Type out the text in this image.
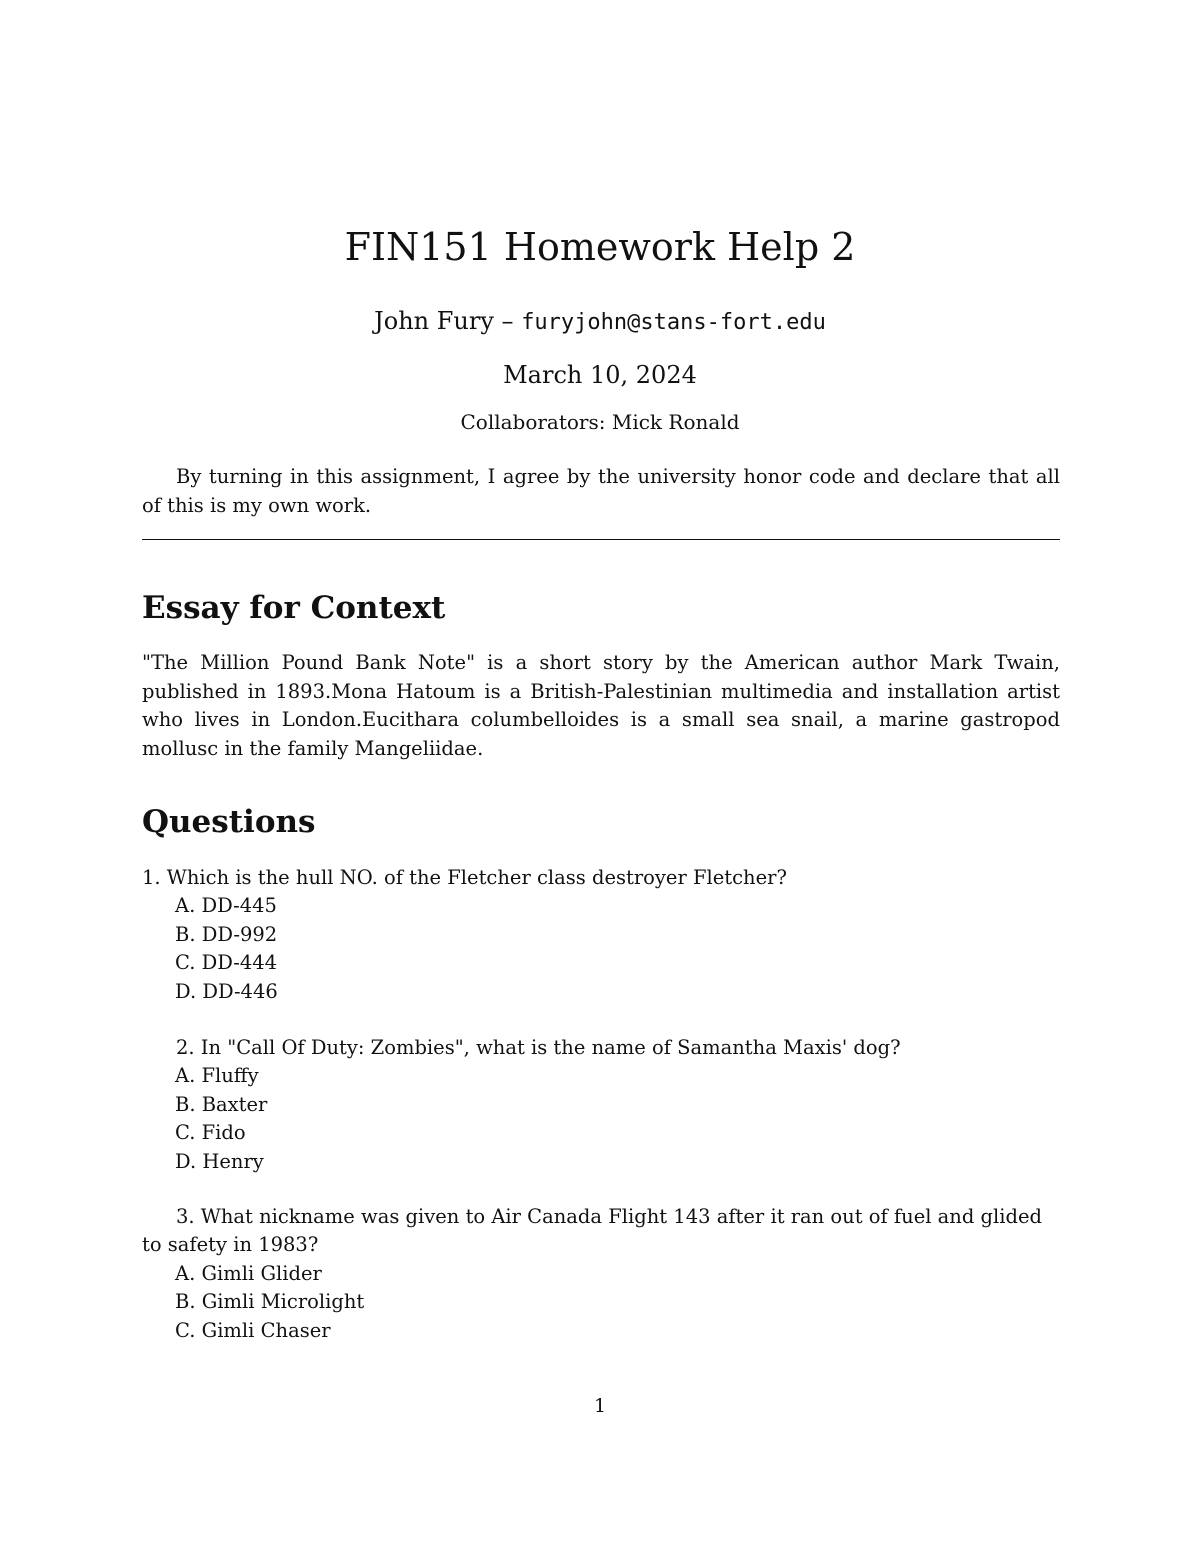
FIN151 Homework Help 2
John Fury – furyjohn@stans-fort.edu
March 10, 2024
Collaborators: Mick Ronald

By turning in this assignment, I agree by the university honor code and declare that all of this is my own work.

Essay for Context

"The Million Pound Bank Note" is a short story by the American author Mark Twain, published in 1893.Mona Hatoum is a British-Palestinian multimedia and installation artist who lives in London.Eucithara columbelloides is a small sea snail, a marine gastropod mollusc in the family Mangeliidae.

Questions

1. Which is the hull NO. of the Fletcher class destroyer Fletcher?

A. DD-445

B. DD-992

C. DD-444

D. DD-446

2. In "Call Of Duty: Zombies", what is the name of Samantha Maxis' dog?

A. Fluffy

B. Baxter

C. Fido

D. Henry

3. What nickname was given to Air Canada Flight 143 after it ran out of fuel and glided to safety in 1983?

A. Gimli Glider

B. Gimli Microlight

C. Gimli Chaser

1
